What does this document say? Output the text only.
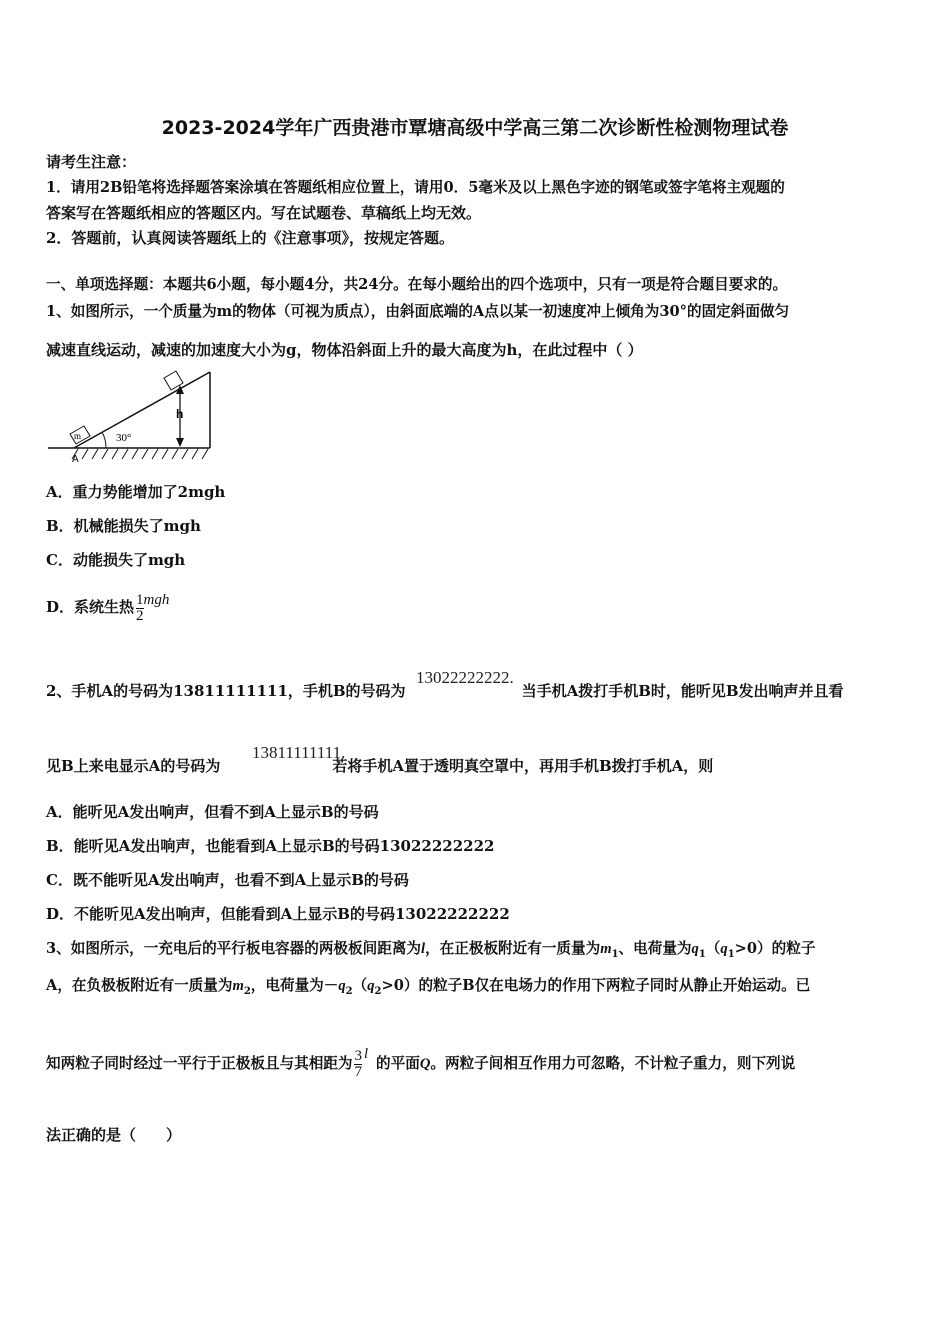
2023-2024学年广西贵港市覃塘高级中学高三第二次诊断性检测物理试卷
请考生注意：
1．请用2B铅笔将选择题答案涂填在答题纸相应位置上，请用0．5毫米及以上黑色字迹的钢笔或签字笔将主观题的
答案写在答题纸相应的答题区内。写在试题卷、草稿纸上均无效。
2．答题前，认真阅读答题纸上的《注意事项》，按规定答题。
一、单项选择题：本题共6小题，每小题4分，共24分。在每小题给出的四个选项中，只有一项是符合题目要求的。
1、如图所示，一个质量为m的物体（可视为质点），由斜面底端的A点以某一初速度冲上倾角为30°的固定斜面做匀
减速直线运动，减速的加速度大小为g，物体沿斜面上升的最大高度为h，在此过程中（ ）
m	30°
h
A
A．重力势能增加了2mgh
B．机械能损失了mgh
C．动能损失了mgh
D．系统生热 $\frac{1}{2}$ mgh
2、手机A的号码为13811111111，手机B的号码为	当手机A拨打手机B时，能听见B发出响声并且看
13022222222.
见B上来电显示A的号码为	若将手机A置于透明真空罩中，再用手机B拨打手机A，则
13811111111.
A．能听见A发出响声，但看不到A上显示B的号码
B．能听见A发出响声，也能看到A上显示B的号码13022222222
C．既不能听见A发出响声，也看不到A上显示B的号码
D．不能听见A发出响声，但能看到A上显示B的号码13022222222
3、如图所示，一充电后的平行板电容器的两极板间距离为l，在正极板附近有一质量为$m_1$、电荷量为$q_1(q_1>0)$的粒子
A，在负极板附近有一质量为$m_2$，电荷量为$-q_2(q_2>0)$的粒子B仅在电场力的作用下两粒子同时从静止开始运动。已
知两粒子同时经过一平行于正极板且与其相距为 $\frac{3}{7}$ l的平面Q。两粒子间相互作用力可忽略，不计粒子重力，则下列说
法正确的是（　　）
